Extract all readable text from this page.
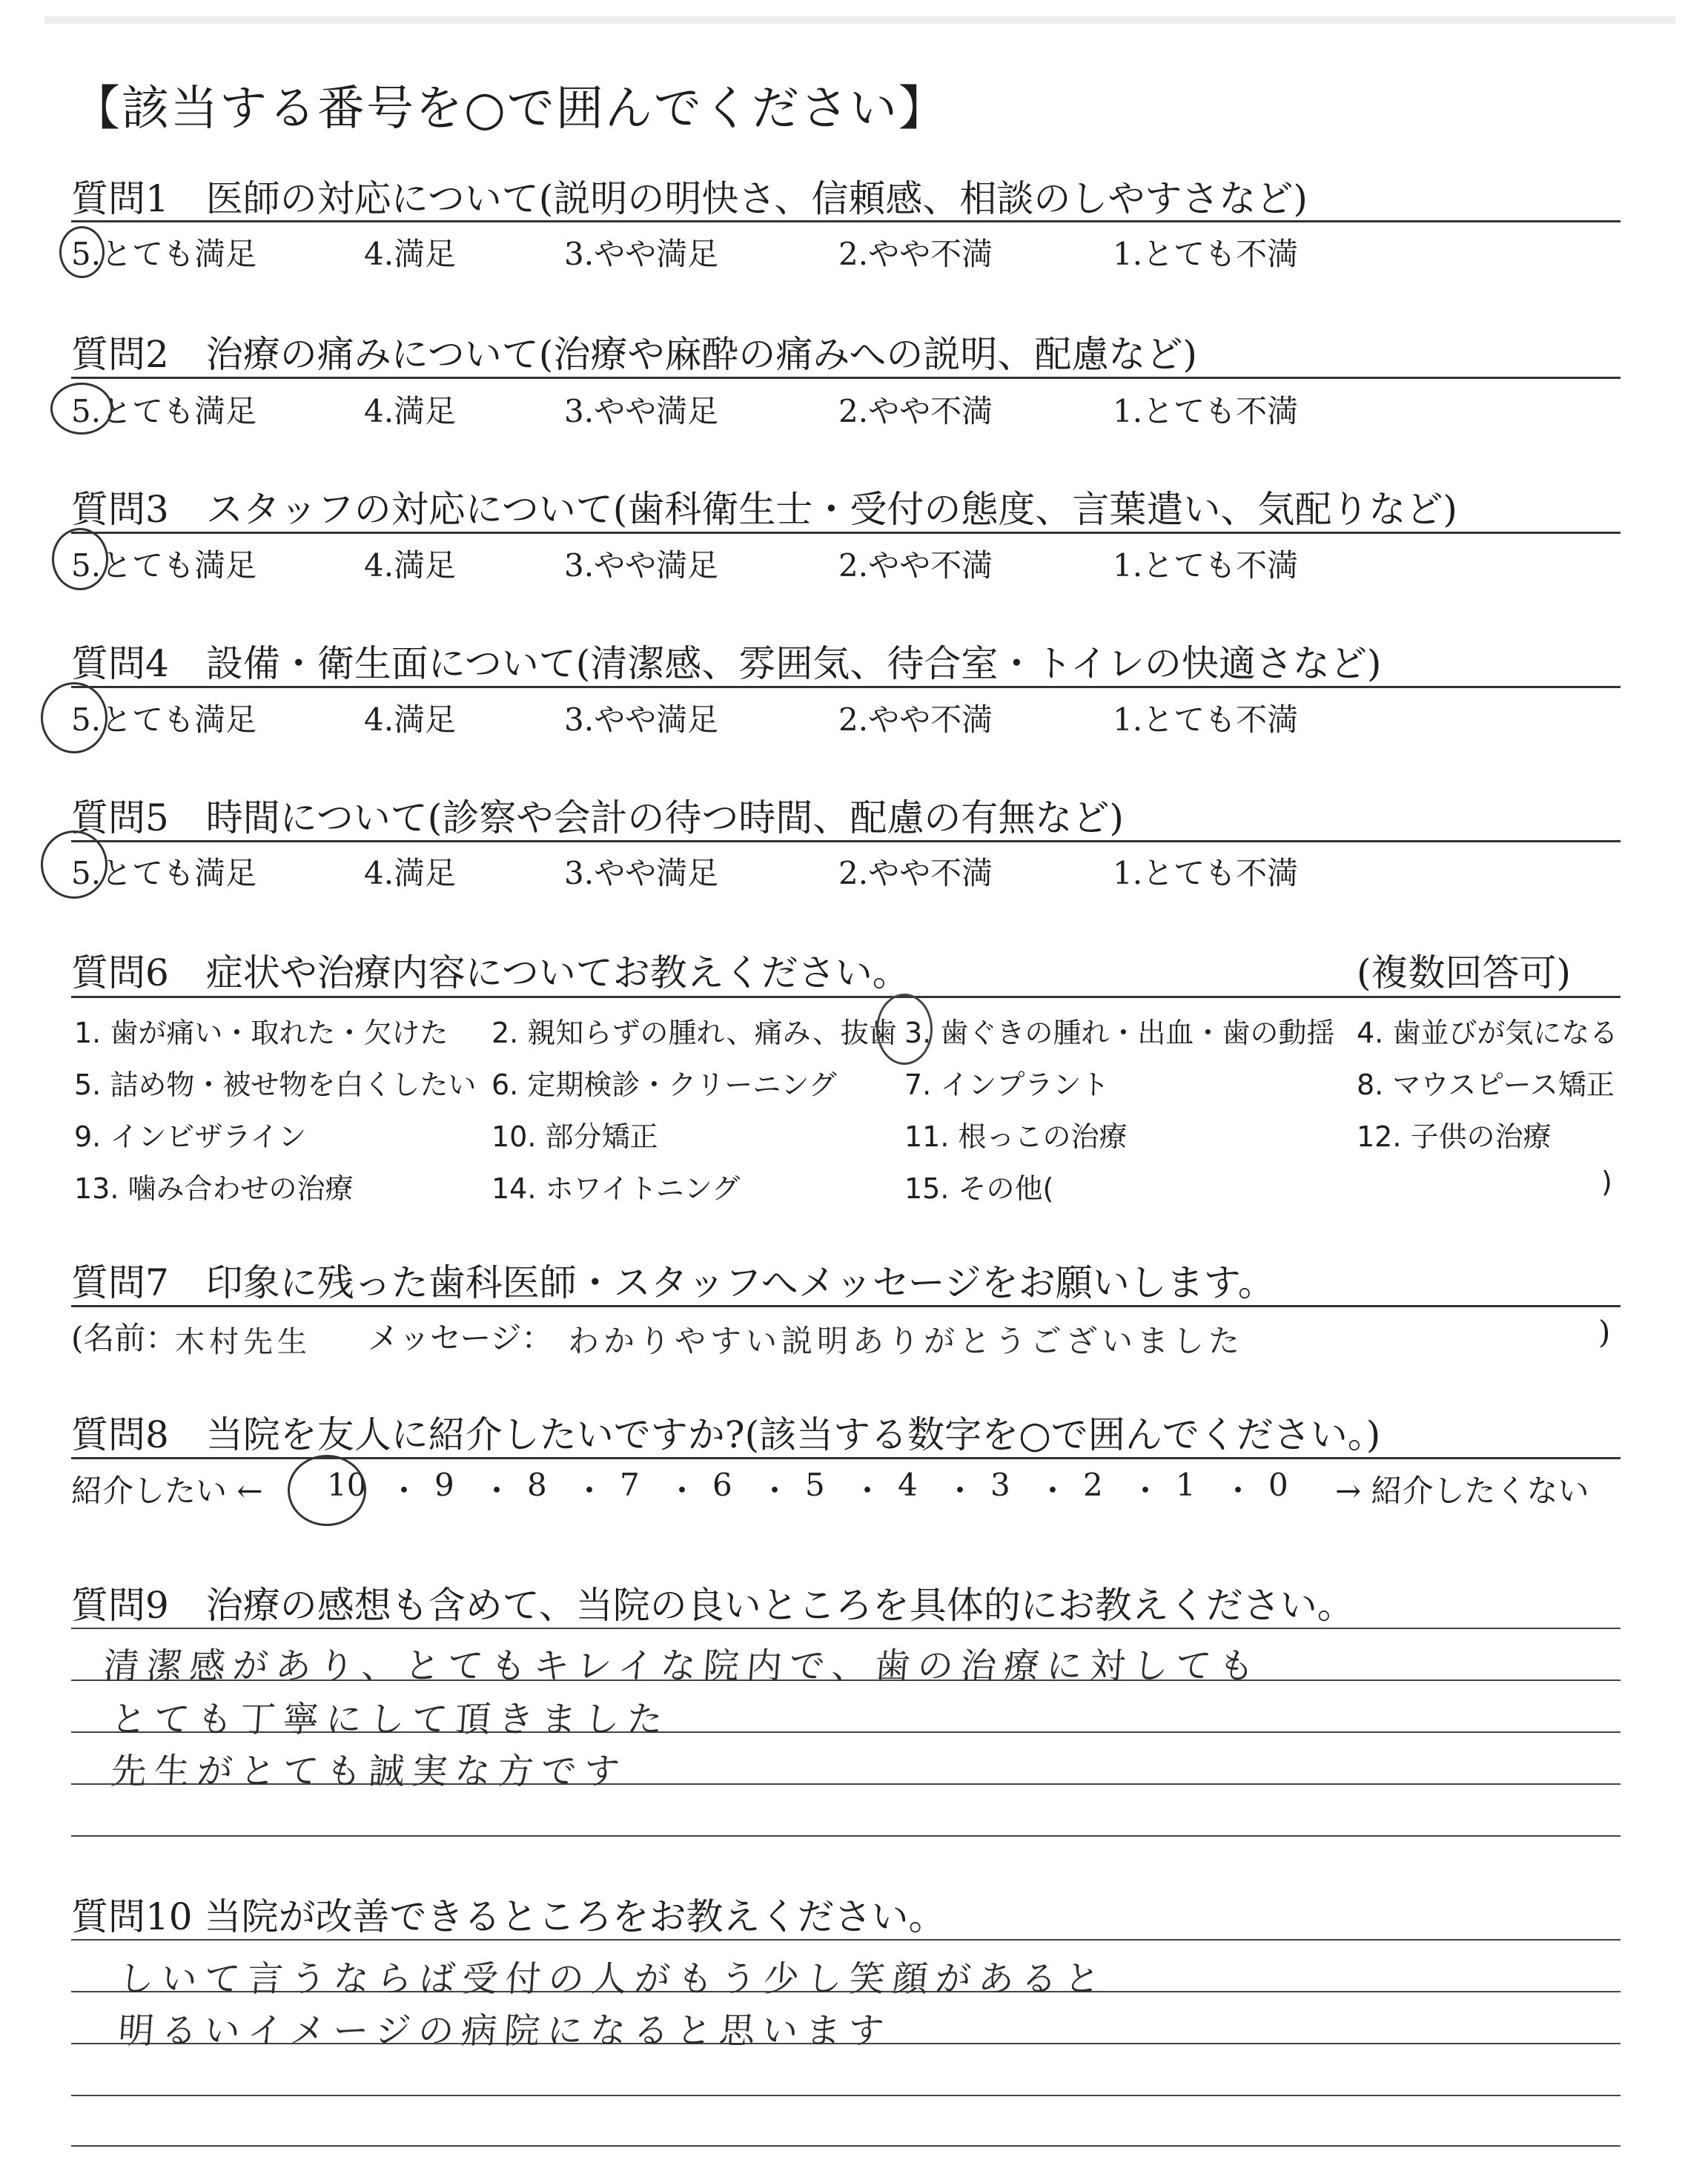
【該当する番号を○で囲んでください】
質問1　医師の対応について(説明の明快さ、信頼感、相談のしやすさなど)
5.とても満足	4.満足	3.やや満足	2.やや不満	1.とても不満
質問2　治療の痛みについて(治療や麻酔の痛みへの説明、配慮など)
5.とても満足	4.満足	3.やや満足	2.やや不満	1.とても不満
質問3　スタッフの対応について(歯科衛生士・受付の態度、言葉遣い、気配りなど)
5.とても満足	4.満足	3.やや満足	2.やや不満	1.とても不満
質問4　設備・衛生面について(清潔感、雰囲気、待合室・トイレの快適さなど)
5.とても満足	4.満足	3.やや満足	2.やや不満	1.とても不満
質問5　時間について(診察や会計の待つ時間、配慮の有無など)
5.とても満足	4.満足	3.やや満足	2.やや不満	1.とても不満
質問6　症状や治療内容についてお教えください。	(複数回答可)
1. 歯が痛い・取れた・欠けた 2. 親知らずの腫れ、痛み、抜歯 3. 歯ぐきの腫れ・出血・歯の動揺 4. 歯並びが気になる
5. 詰め物・被せ物を白くしたい 6. 定期検診・クリーニング 7. インプラント	8. マウスピース矯正
9. インビザライン	10. 部分矯正	11. 根っこの治療	12. 子供の治療
13. 噛み合わせの治療	14. ホワイトニング	15. その他(	)
質問7　印象に残った歯科医師・スタッフへメッセージをお願いします。
(名前：
木村先生 メッセージ： わかりやすい説明ありがとうございました	)
質問8　当院を友人に紹介したいですか?(該当する数字を○で囲んでください。)
紹介したい ← 10 ・ 9 ・ 8 ・ 7 ・ 6 ・ 5 ・ 4 ・ 3 ・ 2 ・ 1 ・ 0 → 紹介したくない
質問9　治療の感想も含めて、当院の良いところを具体的にお教えください。
清潔感があり、とてもキレイな院内で、歯の治療に対しても
とても丁寧にして頂きました
先生がとても誠実な方です
質問10 当院が改善できるところをお教えください。
しいて言うならば受付の人がもう少し笑顔があると
明るいイメージの病院になると思います
